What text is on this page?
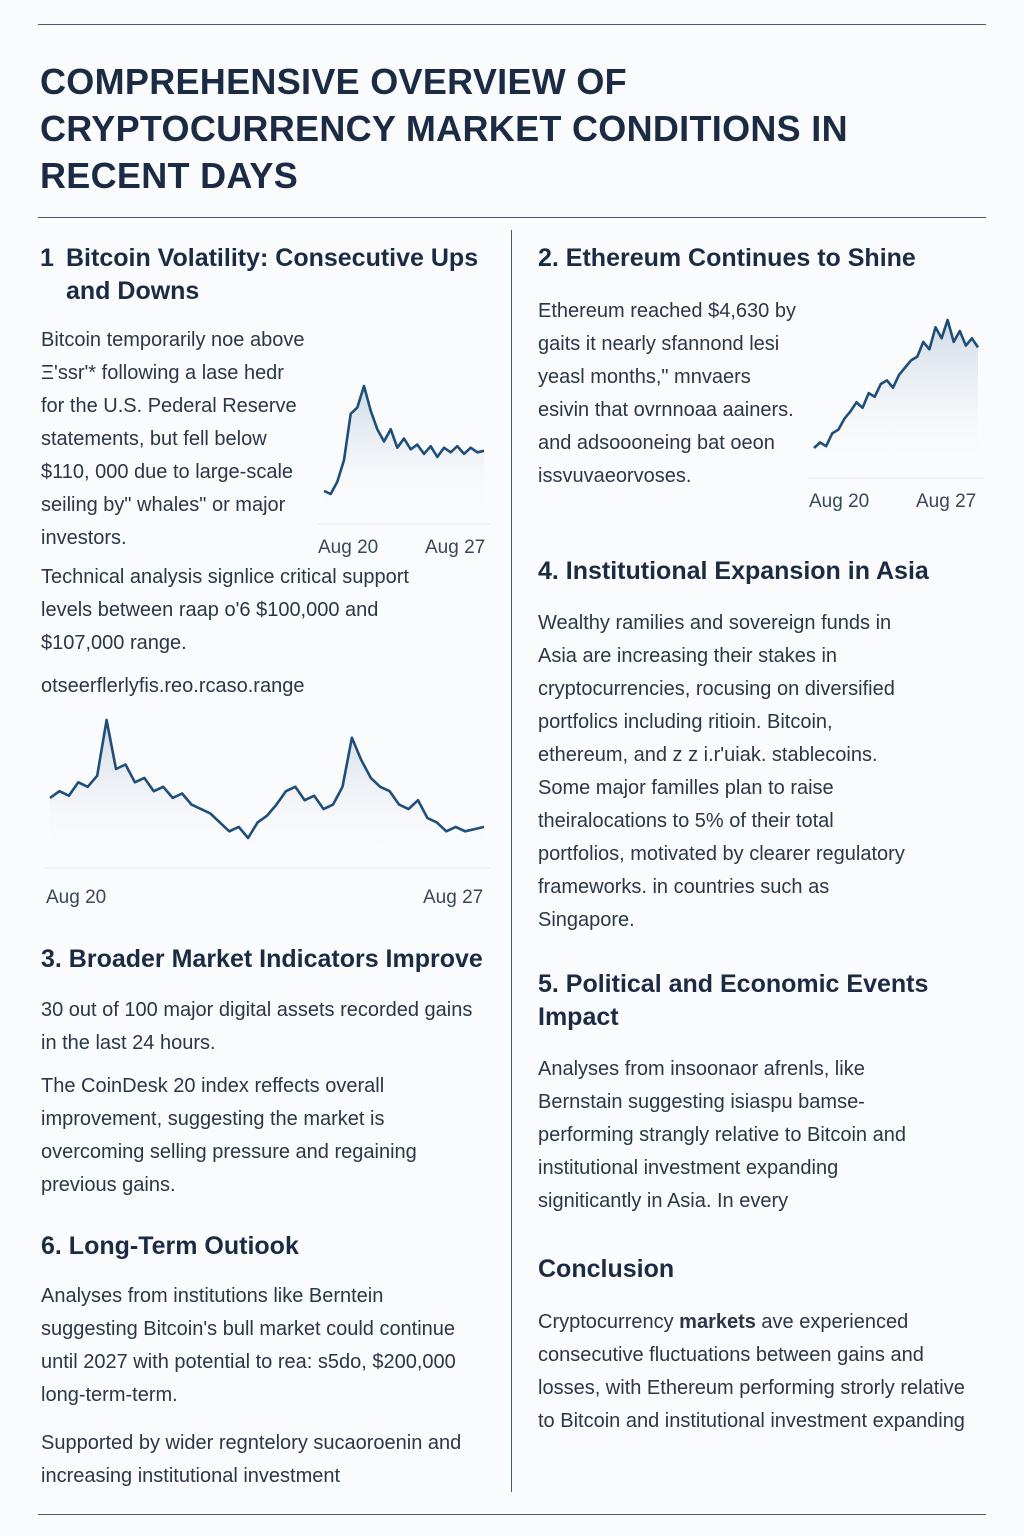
COMPREHENSIVE OVERVIEW OF CRYPTOCURRENCY MARKET CONDITIONS IN RECENT DAYS
1 Bitcoin Volatility: Consecutive Ups and Downs

Bitcoin temporarily noe above Ξ'ssr'* following a lase hedr for the U.S. Pederal Reserve statements, but fell below $110, 000 due to large-scale seiling by" whales" or major investors.	Aug 20 Aug 27

Technical analysis signlice critical support levels between raap o'6 $100,000 and $107,000 range.

otseerflerlyfis.reo.rcaso.range

Aug 20	Aug 27
3. Broader Market Indicators Improve

30 out of 100 major digital assets recorded gains in the last 24 hours.

The CoinDesk 20 index reffects overall improvement, suggesting the market is overcoming selling pressure and regaining previous gains.

6. Long-Term Outiook

Analyses from institutions like Berntein suggesting Bitcoin's bull market could continue until 2027 with potential to rea: s5do, $200,000 long-term-term.

Supported by wider regntelory sucaoroenin and increasing institutional investment

2. Ethereum Continues to Shine

Ethereum reached $4,630 by gaits it nearly sfannond lesi yeasl months," mnvaers esivin that ovrnnoaa aainers. and adsoooneing bat oeon issvuvaeorvoses.

Aug 20 Aug 27
4. Institutional Expansion in Asia

Wealthy ramilies and sovereign funds in Asia are increasing their stakes in cryptocurrencies, rocusing on diversified portfolics including ritioin. Bitcoin, ethereum, and z z i.r'uiak. stablecoins. Some major familles plan to raise theiralocations to 5% of their total portfolios, motivated by clearer regulatory frameworks. in countries such as Singapore.

5. Political and Economic Events Impact

Analyses from insoonaor afrenls, like Bernstain suggesting isiaspu bamse-performing strangly relative to Bitcoin and institutional investment expanding signiticantly in Asia. In every

Conclusion

Cryptocurrency markets ave experienced consecutive fluctuations between gains and losses, with Ethereum performing strorly relative to Bitcoin and institutional investment expanding
